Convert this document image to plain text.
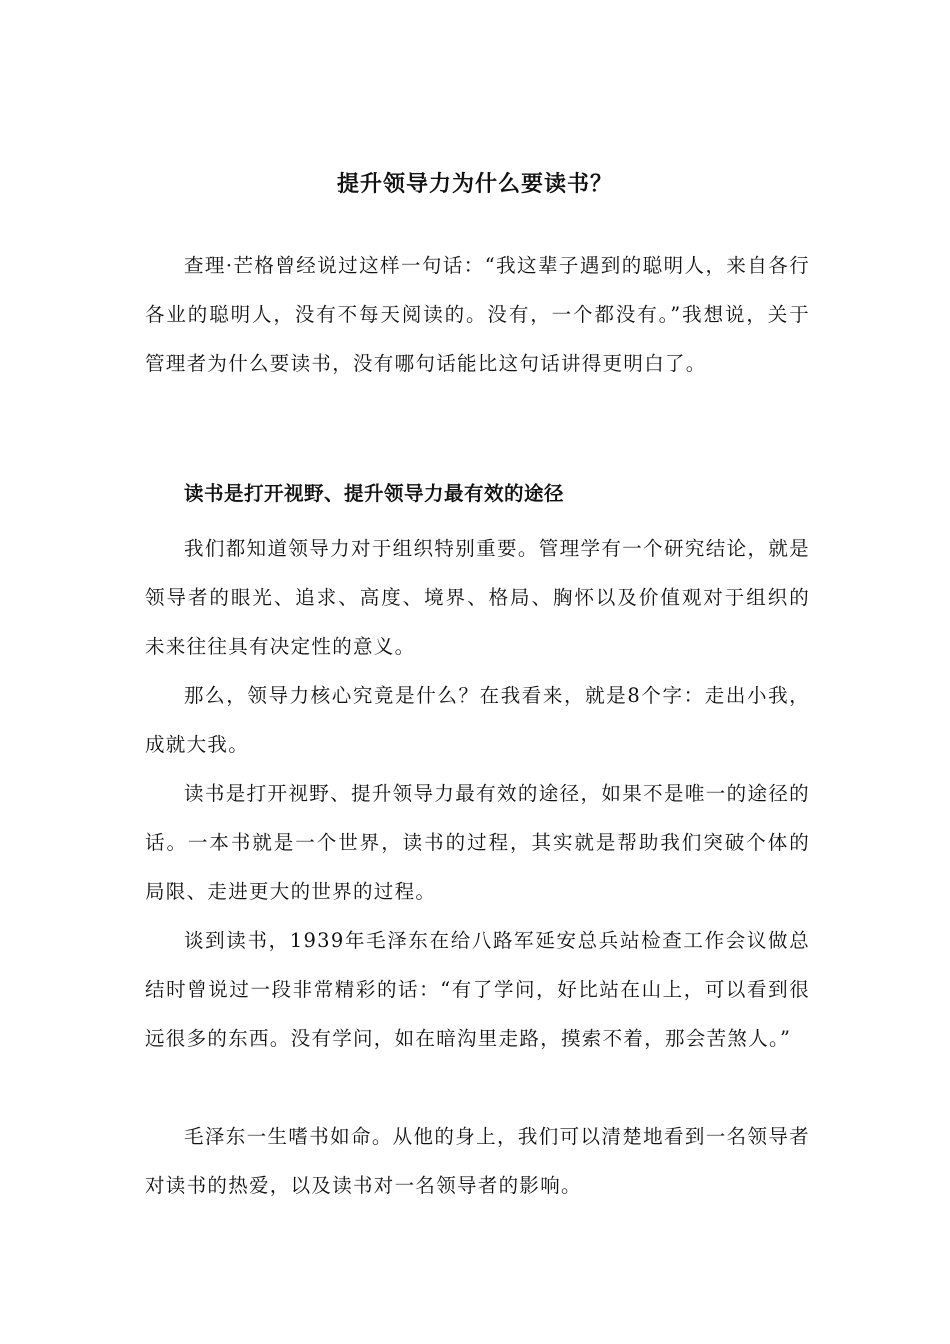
提升领导力为什么要读书？

查理·芒格曾经说过这样一句话：“我这辈子遇到的聪明人，来自各行各业的聪明人，没有不每天阅读的。没有，一个都没有。”我想说，关于管理者为什么要读书，没有哪句话能比这句话讲得更明白了。

读书是打开视野、提升领导力最有效的途径

我们都知道领导力对于组织特别重要。管理学有一个研究结论，就是领导者的眼光、追求、高度、境界、格局、胸怀以及价值观对于组织的未来往往具有决定性的意义。

那么，领导力核心究竟是什么？在我看来，就是8个字：走出小我，成就大我。

读书是打开视野、提升领导力最有效的途径，如果不是唯一的途径的话。一本书就是一个世界，读书的过程，其实就是帮助我们突破个体的局限、走进更大的世界的过程。

谈到读书，1939年毛泽东在给八路军延安总兵站检查工作会议做总结时曾说过一段非常精彩的话：“有了学问，好比站在山上，可以看到很远很多的东西。没有学问，如在暗沟里走路，摸索不着，那会苦煞人。”

毛泽东一生嗜书如命。从他的身上，我们可以清楚地看到一名领导者对读书的热爱，以及读书对一名领导者的影响。
